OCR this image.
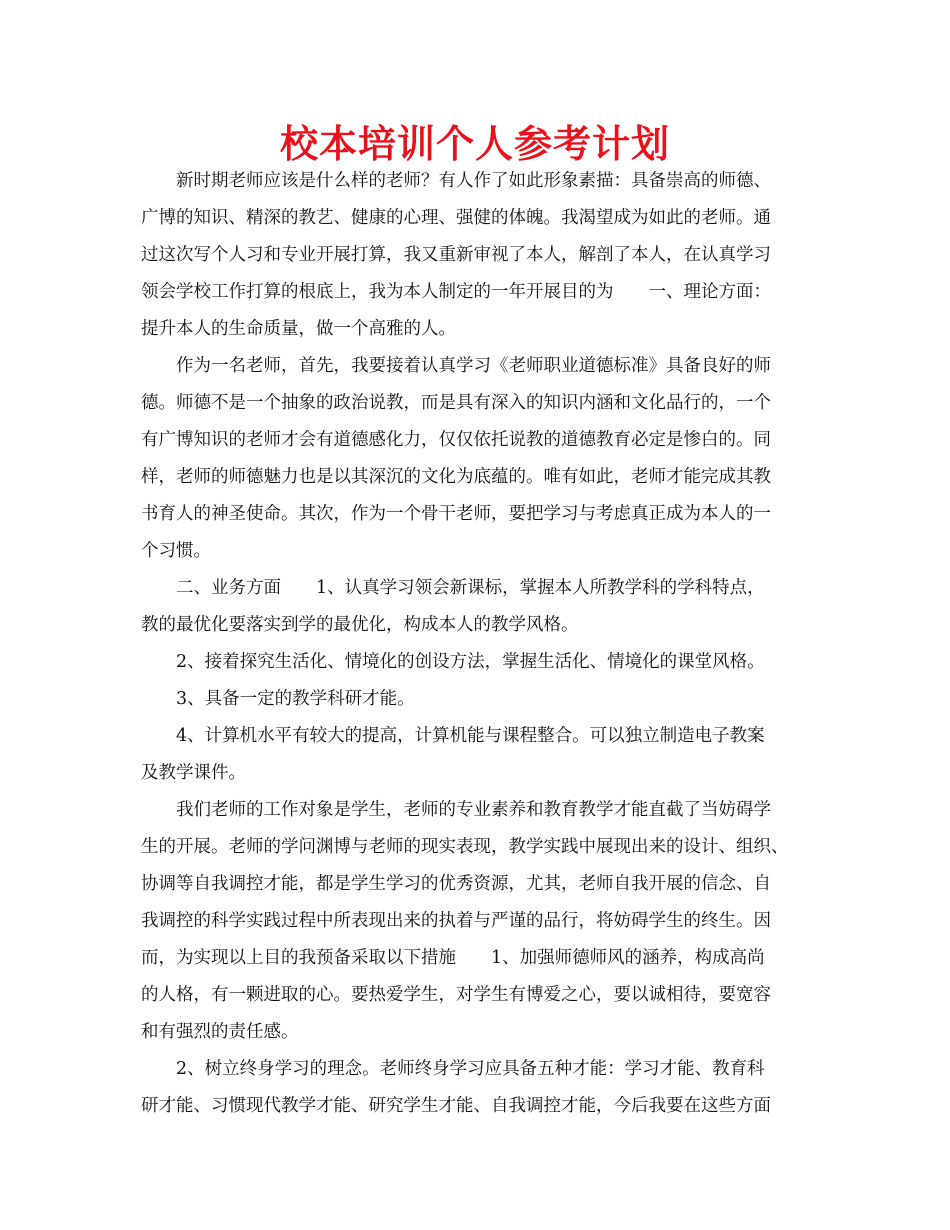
校本培训个人参考计划
新时期老师应该是什么样的老师？有人作了如此形象素描：具备崇高的师德、
广博的知识、精深的教艺、健康的心理、强健的体魄。我渴望成为如此的老师。通
过这次写个人习和专业开展打算，我又重新审视了本人，解剖了本人，在认真学习
领会学校工作打算的根底上，我为本人制定的一年开展目的为　　一、理论方面：
提升本人的生命质量，做一个高雅的人。
作为一名老师，首先，我要接着认真学习《老师职业道德标准》具备良好的师
德。师德不是一个抽象的政治说教，而是具有深入的知识内涵和文化品行的，一个
有广博知识的老师才会有道德感化力，仅仅依托说教的道德教育必定是惨白的。同
样，老师的师德魅力也是以其深沉的文化为底蕴的。唯有如此，老师才能完成其教
书育人的神圣使命。其次，作为一个骨干老师，要把学习与考虑真正成为本人的一
个习惯。
二、业务方面　　1、认真学习领会新课标，掌握本人所教学科的学科特点，
教的最优化要落实到学的最优化，构成本人的教学风格。
2、接着探究生活化、情境化的创设方法，掌握生活化、情境化的课堂风格。
3、具备一定的教学科研才能。
4、计算机水平有较大的提高，计算机能与课程整合。可以独立制造电子教案
及教学课件。
我们老师的工作对象是学生，老师的专业素养和教育教学才能直截了当妨碍学
生的开展。老师的学问渊博与老师的现实表现，教学实践中展现出来的设计、组织、
协调等自我调控才能，都是学生学习的优秀资源，尤其，老师自我开展的信念、自
我调控的科学实践过程中所表现出来的执着与严谨的品行，将妨碍学生的终生。因
而，为实现以上目的我预备采取以下措施　　1、加强师德师风的涵养，构成高尚
的人格，有一颗进取的心。要热爱学生，对学生有博爱之心，要以诚相待，要宽容
和有强烈的责任感。
2、树立终身学习的理念。老师终身学习应具备五种才能：学习才能、教育科
研才能、习惯现代教学才能、研究学生才能、自我调控才能，今后我要在这些方面
